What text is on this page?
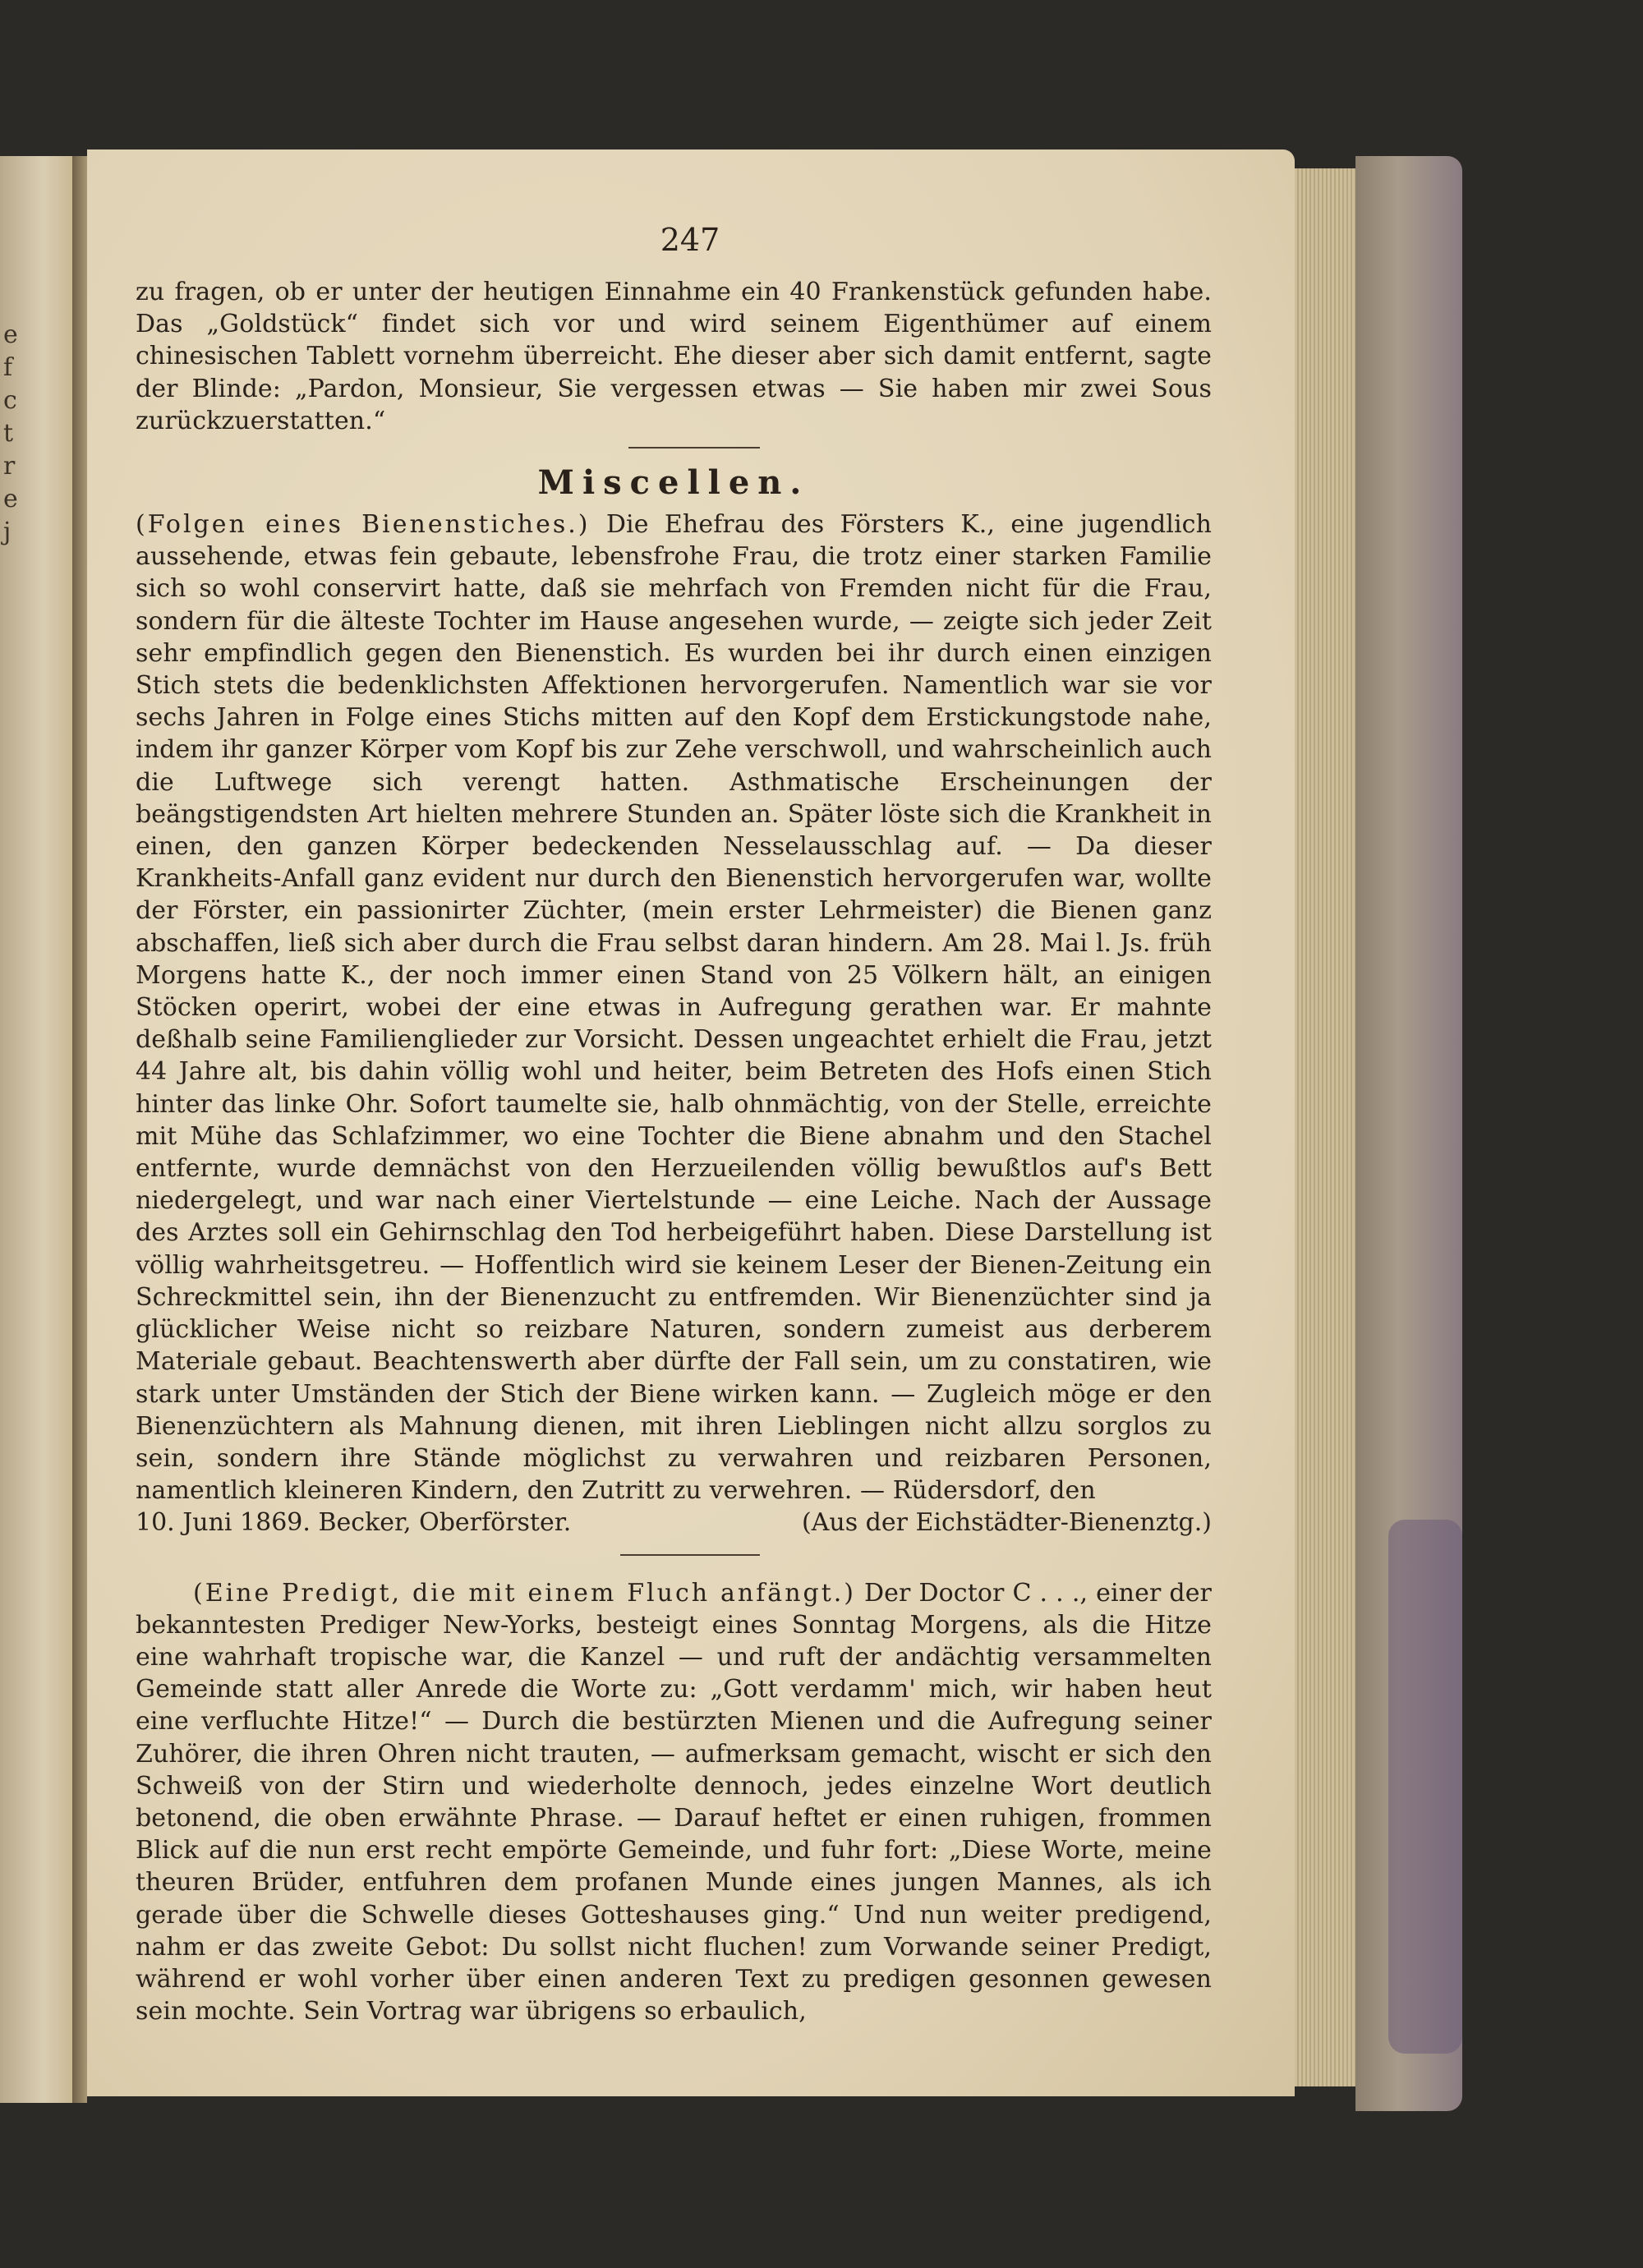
e
f
c
t
r
e
j
247

zu fragen, ob er unter der heutigen Einnahme ein 40 Frankenstück gefunden habe. Das „Goldstück“ findet sich vor und wird seinem Eigenthümer auf einem chinesischen Tablett vornehm überreicht. Ehe dieser aber sich damit entfernt, sagte der Blinde: „Pardon, Monsieur, Sie vergessen etwas — Sie haben mir zwei Sous zurückzuerstatten.“

Miscellen.

(Folgen eines Bienenstiches.) Die Ehefrau des Försters K., eine jugendlich aussehende, etwas fein gebaute, lebensfrohe Frau, die trotz einer starken Familie sich so wohl conservirt hatte, daß sie mehrfach von Fremden nicht für die Frau, sondern für die älteste Tochter im Hause angesehen wurde, — zeigte sich jeder Zeit sehr empfindlich gegen den Bienenstich. Es wurden bei ihr durch einen einzigen Stich stets die bedenklichsten Affektionen hervorgerufen. Namentlich war sie vor sechs Jahren in Folge eines Stichs mitten auf den Kopf dem Erstickungstode nahe, indem ihr ganzer Körper vom Kopf bis zur Zehe verschwoll, und wahrscheinlich auch die Luftwege sich verengt hatten. Asthmatische Erscheinungen der beängstigendsten Art hielten mehrere Stunden an. Später löste sich die Krankheit in einen, den ganzen Körper bedeckenden Nesselausschlag auf. — Da dieser Krankheits-Anfall ganz evident nur durch den Bienenstich hervorgerufen war, wollte der Förster, ein passionirter Züchter, (mein erster Lehrmeister) die Bienen ganz abschaffen, ließ sich aber durch die Frau selbst daran hindern. Am 28. Mai l. Js. früh Morgens hatte K., der noch immer einen Stand von 25 Völkern hält, an einigen Stöcken operirt, wobei der eine etwas in Aufregung gerathen war. Er mahnte deßhalb seine Familienglieder zur Vorsicht. Dessen ungeachtet erhielt die Frau, jetzt 44 Jahre alt, bis dahin völlig wohl und heiter, beim Betreten des Hofs einen Stich hinter das linke Ohr. Sofort taumelte sie, halb ohnmächtig, von der Stelle, erreichte mit Mühe das Schlafzimmer, wo eine Tochter die Biene abnahm und den Stachel entfernte, wurde demnächst von den Herzueilenden völlig bewußtlos auf's Bett niedergelegt, und war nach einer Viertelstunde — eine Leiche. Nach der Aussage des Arztes soll ein Gehirnschlag den Tod herbeigeführt haben. Diese Darstellung ist völlig wahrheitsgetreu. — Hoffentlich wird sie keinem Leser der Bienen-Zeitung ein Schreckmittel sein, ihn der Bienenzucht zu entfremden. Wir Bienenzüchter sind ja glücklicher Weise nicht so reizbare Naturen, sondern zumeist aus derberem Materiale gebaut. Beachtenswerth aber dürfte der Fall sein, um zu constatiren, wie stark unter Umständen der Stich der Biene wirken kann. — Zugleich möge er den Bienenzüchtern als Mahnung dienen, mit ihren Lieblingen nicht allzu sorglos zu sein, sondern ihre Stände möglichst zu verwahren und reizbaren Personen, namentlich kleineren Kindern, den Zutritt zu verwehren. — Rüdersdorf, den

10. Juni 1869. Becker, Oberförster.	(Aus der Eichstädter-Bienenztg.)

(Eine Predigt, die mit einem Fluch anfängt.) Der Doctor C . . ., einer der bekanntesten Prediger New-Yorks, besteigt eines Sonntag Morgens, als die Hitze eine wahrhaft tropische war, die Kanzel — und ruft der andächtig versammelten Gemeinde statt aller Anrede die Worte zu: „Gott verdamm' mich, wir haben heut eine verfluchte Hitze!“ — Durch die bestürzten Mienen und die Aufregung seiner Zuhörer, die ihren Ohren nicht trauten, — aufmerksam gemacht, wischt er sich den Schweiß von der Stirn und wiederholte dennoch, jedes einzelne Wort deutlich betonend, die oben erwähnte Phrase. — Darauf heftet er einen ruhigen, frommen Blick auf die nun erst recht empörte Gemeinde, und fuhr fort: „Diese Worte, meine theuren Brüder, entfuhren dem profanen Munde eines jungen Mannes, als ich gerade über die Schwelle dieses Gotteshauses ging.“ Und nun weiter predigend, nahm er das zweite Gebot: Du sollst nicht fluchen! zum Vorwande seiner Predigt, während er wohl vorher über einen anderen Text zu predigen gesonnen gewesen sein mochte. Sein Vortrag war übrigens so erbaulich,
